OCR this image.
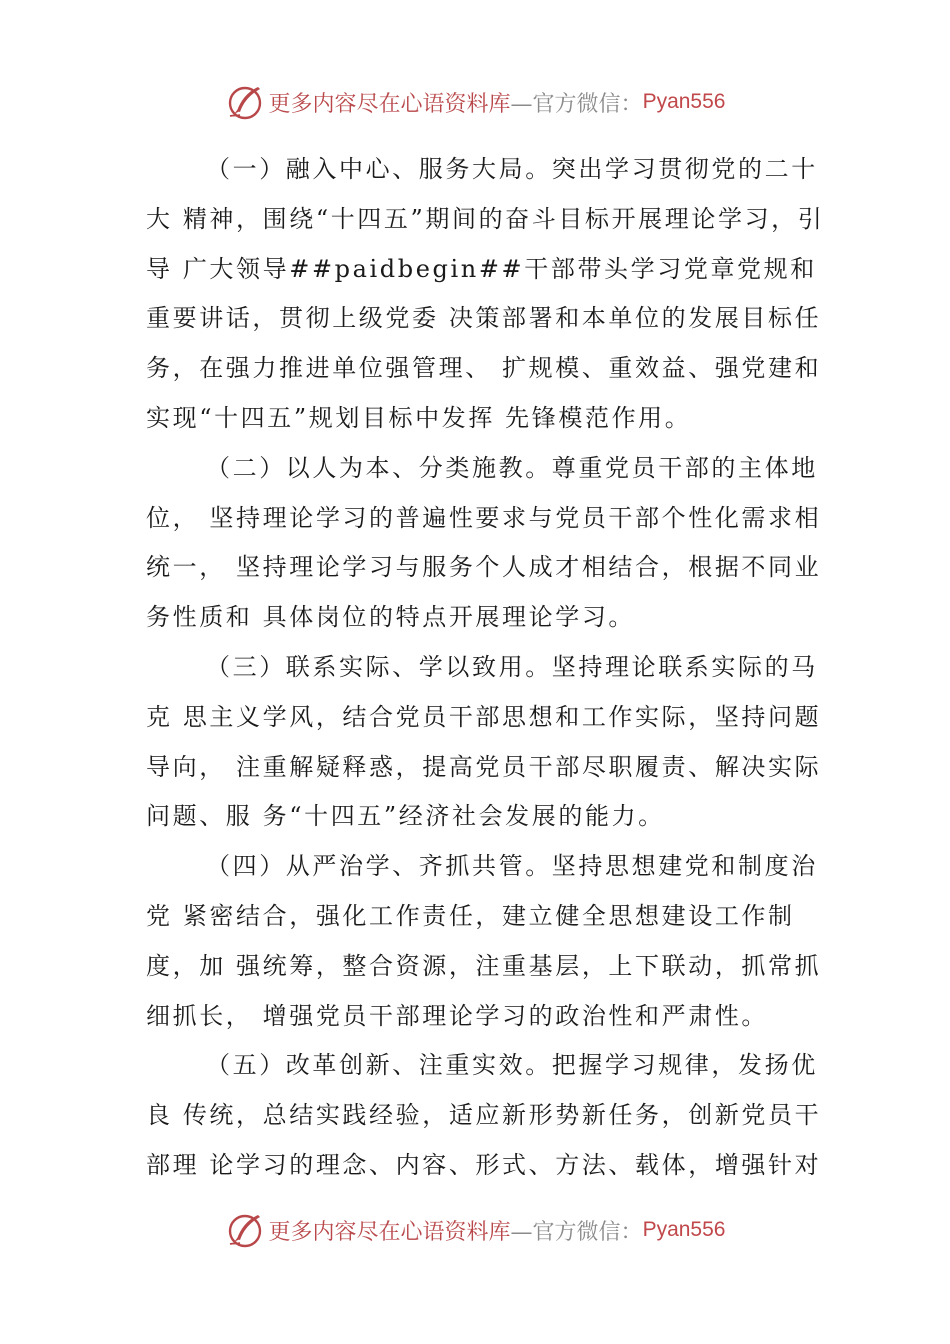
更多内容尽在心语资料库 —官方微信： Pyan556

（一）融入中心、服务大局。突出学习贯彻党的二十大 精神，围绕“十四五”期间的奋斗目标开展理论学习，引导 广大领导##paidbegin##干部带头学习党章党规和重要讲话，贯彻上级党委 决策部署和本单位的发展目标任务，在强力推进单位强管理、 扩规模、重效益、强党建和实现“十四五”规划目标中发挥 先锋模范作用。

（二）以人为本、分类施教。尊重党员干部的主体地位， 坚持理论学习的普遍性要求与党员干部个性化需求相统一， 坚持理论学习与服务个人成才相结合，根据不同业务性质和 具体岗位的特点开展理论学习。

（三）联系实际、学以致用。坚持理论联系实际的马克 思主义学风，结合党员干部思想和工作实际，坚持问题导向， 注重解疑释惑，提高党员干部尽职履责、解决实际问题、服 务“十四五”经济社会发展的能力。

（四）从严治学、齐抓共管。坚持思想建党和制度治党 紧密结合，强化工作责任，建立健全思想建设工作制度，加 强统筹，整合资源，注重基层，上下联动，抓常抓细抓长， 增强党员干部理论学习的政治性和严肃性。

（五）改革创新、注重实效。把握学习规律，发扬优良 传统，总结实践经验，适应新形势新任务，创新党员干部理 论学习的理念、内容、形式、方法、载体，增强针对

更多内容尽在心语资料库 —官方微信： Pyan556
